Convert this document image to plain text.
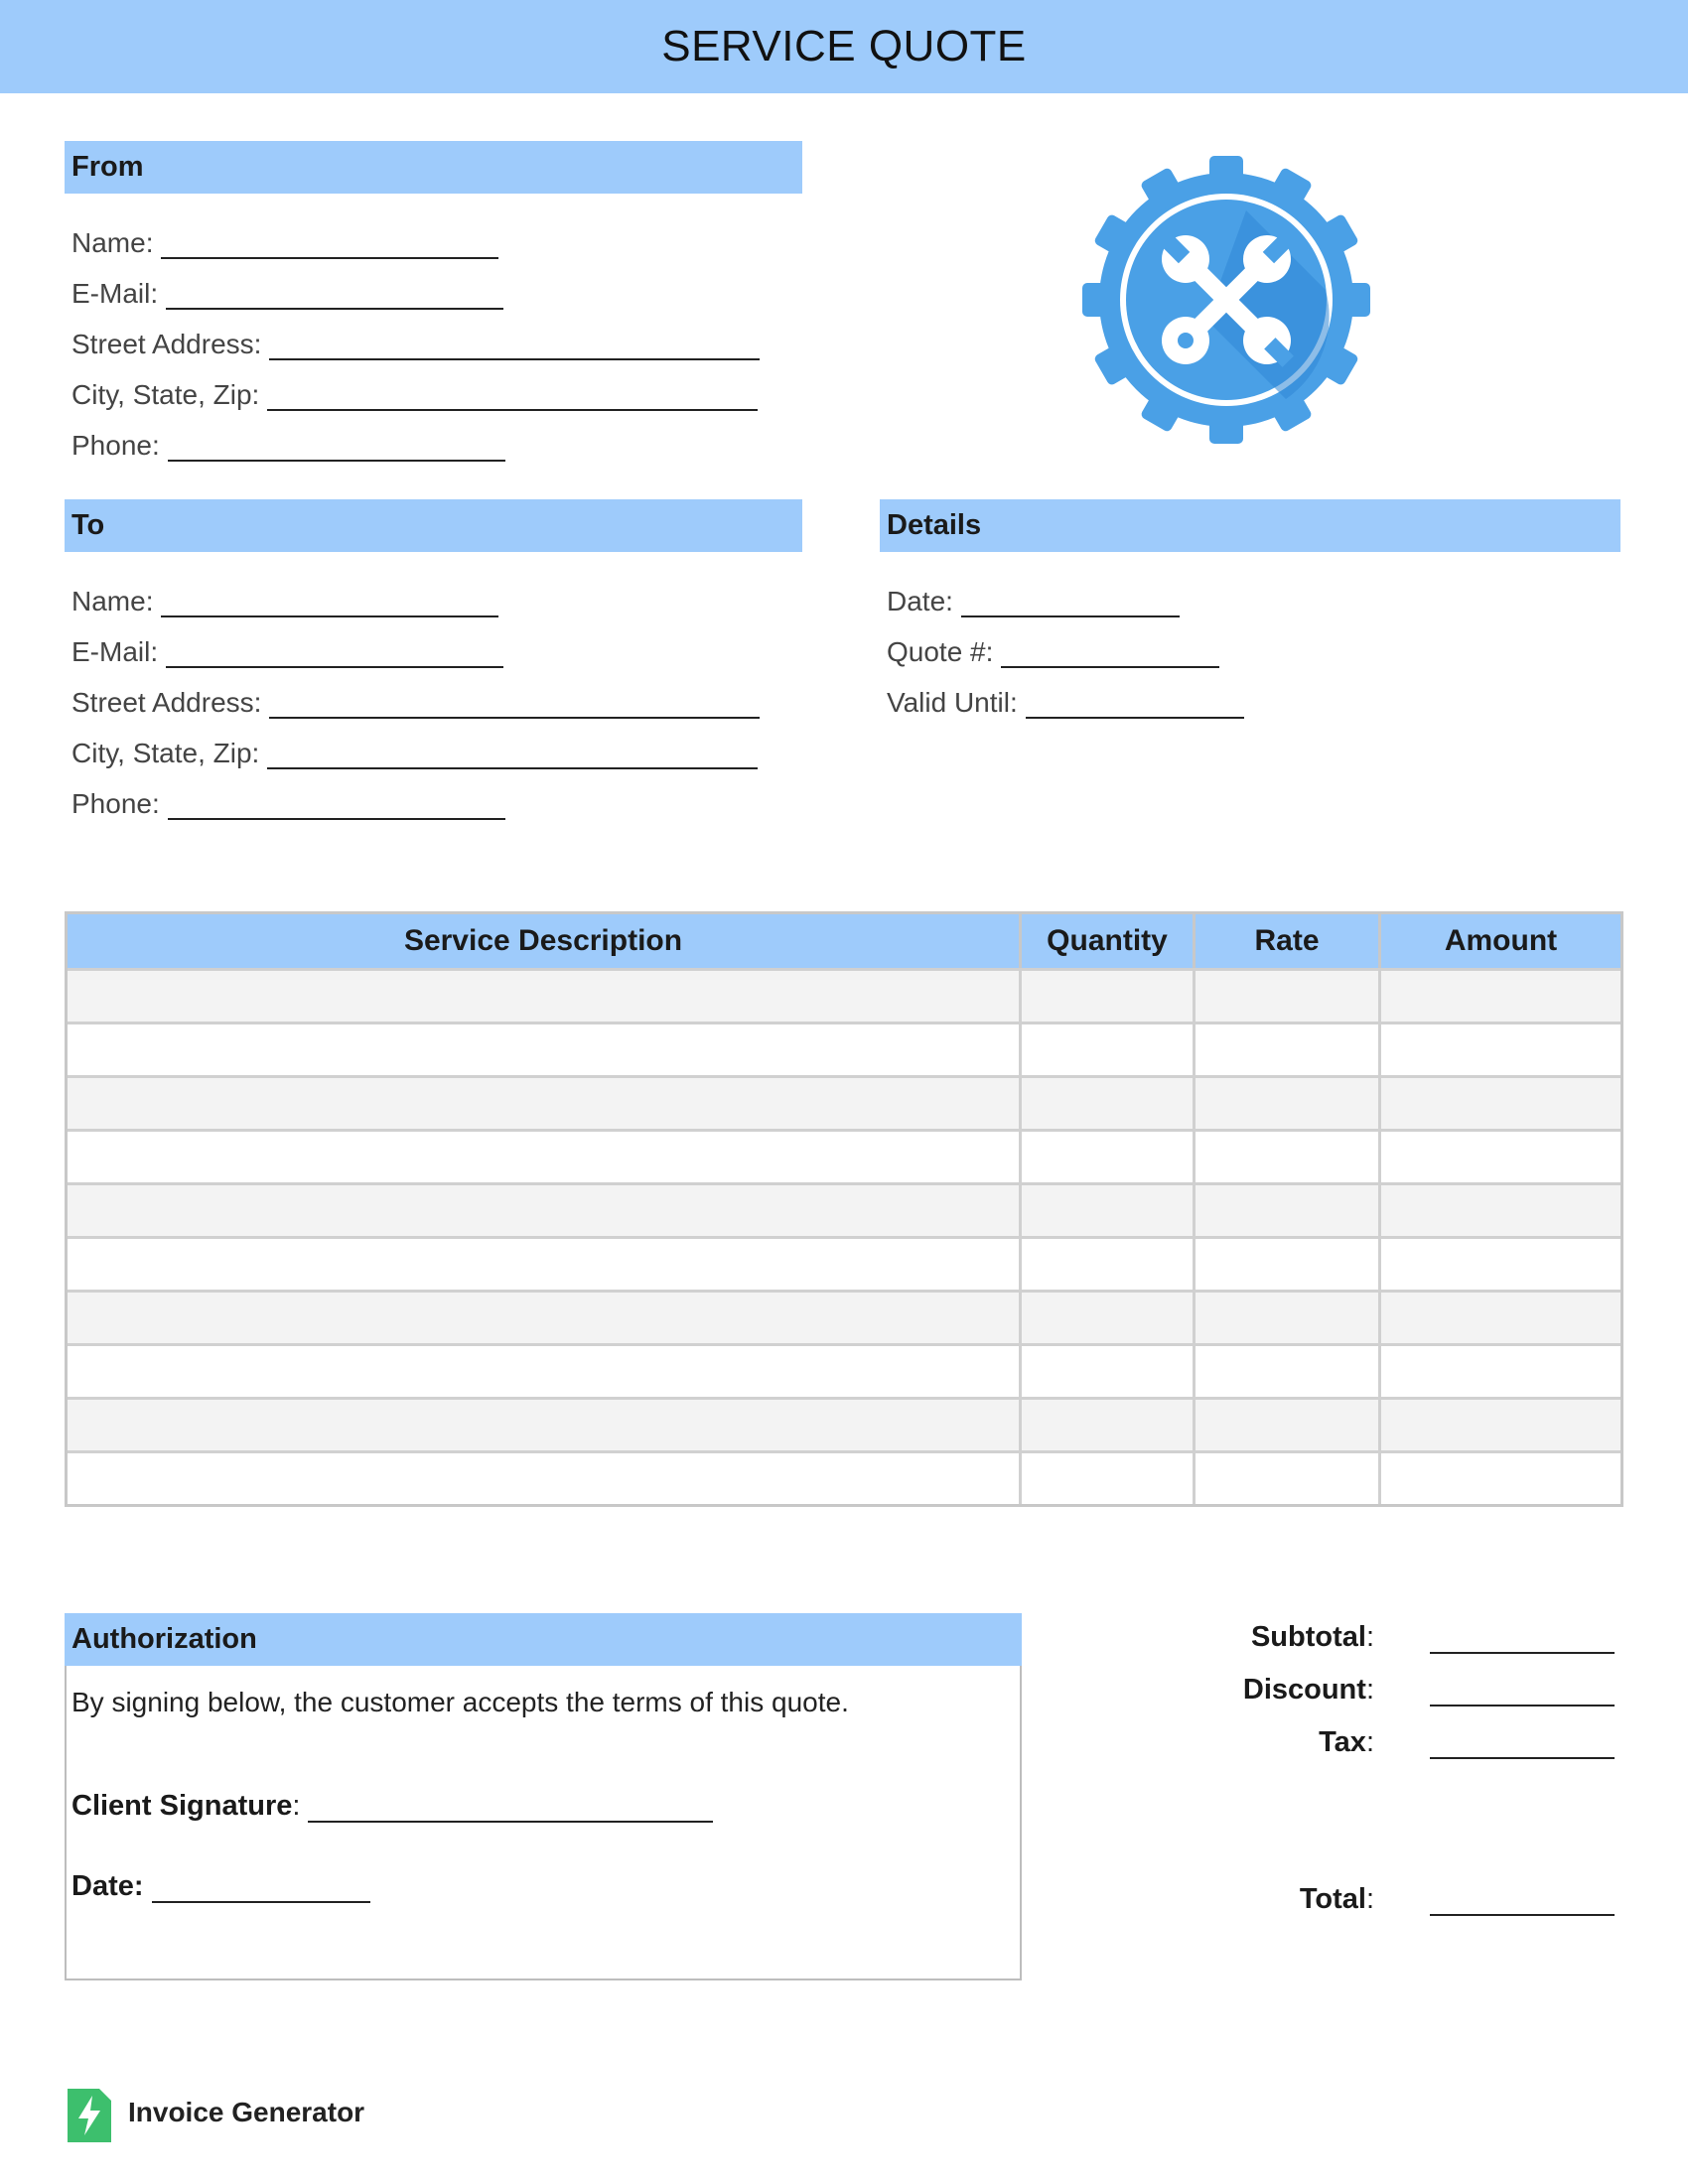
SERVICE QUOTE
From
Name:
E-Mail:
Street Address:
City, State, Zip:
Phone:
To
Name:
E-Mail:
Street Address:
City, State, Zip:
Phone:
Details
Date:
Quote #:
Valid Until:
Service Description	Quantity	Rate	Amount
Authorization
By signing below, the customer accepts the terms of this quote.
Client Signature :
Date:
Subtotal:
Discount:
Tax:
Total:
Invoice Generator
